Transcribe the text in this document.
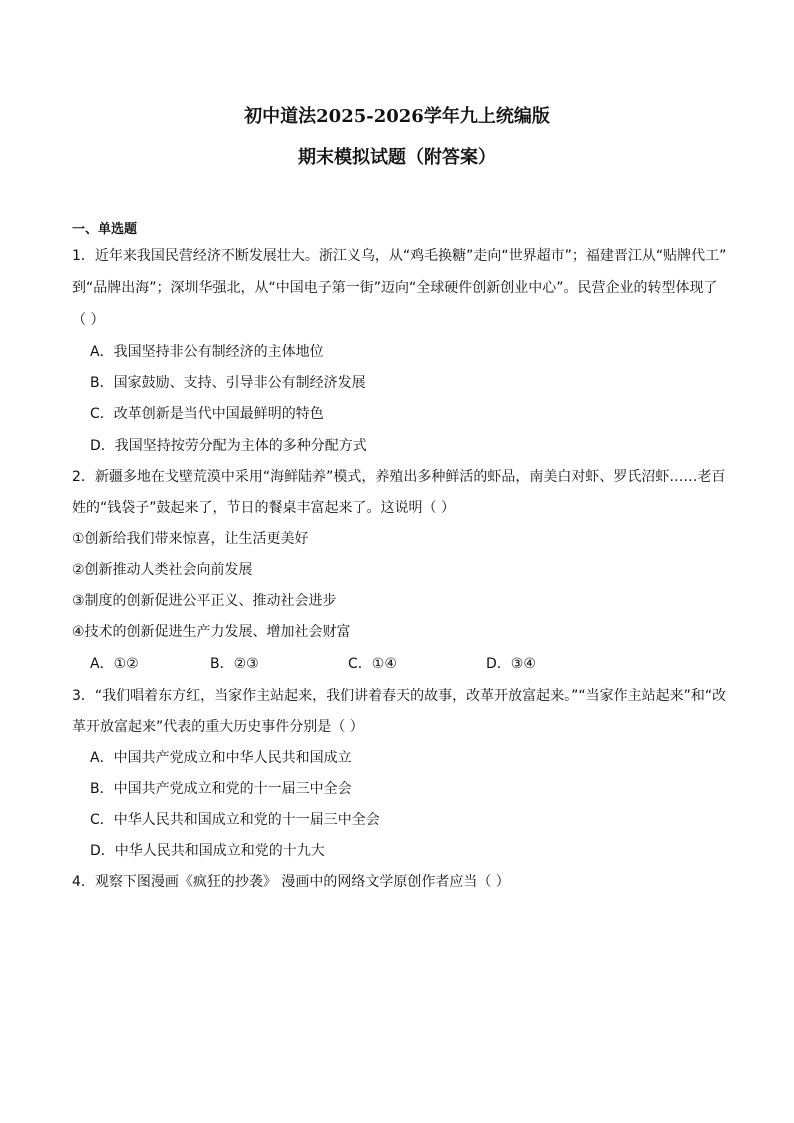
初中道法2025-2026学年九上统编版
期末模拟试题（附答案）
一、单选题
1．近年来我国民营经济不断发展壮大。浙江义乌，从“鸡毛换糖”走向“世界超市”；福建晋江从“贴牌代工”
到“品牌出海”；深圳华强北，从“中国电子第一街”迈向“全球硬件创新创业中心”。民营企业的转型体现了
（ ）
A．我国坚持非公有制经济的主体地位
B．国家鼓励、支持、引导非公有制经济发展
C．改革创新是当代中国最鲜明的特色
D．我国坚持按劳分配为主体的多种分配方式
2．新疆多地在戈壁荒漠中采用“海鲜陆养”模式，养殖出多种鲜活的虾品，南美白对虾、罗氏沼虾……老百
姓的“钱袋子”鼓起来了，节日的餐桌丰富起来了。这说明（ ）
①创新给我们带来惊喜，让生活更美好
②创新推动人类社会向前发展
③制度的创新促进公平正义、推动社会进步
④技术的创新促进生产力发展、增加社会财富
A．①②	B．②③	C．①④	D．③④
3．“我们唱着东方红，当家作主站起来，我们讲着春天的故事，改革开放富起来。”“当家作主站起来”和“改
革开放富起来”代表的重大历史事件分别是（ ）
A．中国共产党成立和中华人民共和国成立
B．中国共产党成立和党的十一届三中全会
C．中华人民共和国成立和党的十一届三中全会
D．中华人民共和国成立和党的十九大
4．观察下图漫画《疯狂的抄袭》 漫画中的网络文学原创作者应当（ ）
